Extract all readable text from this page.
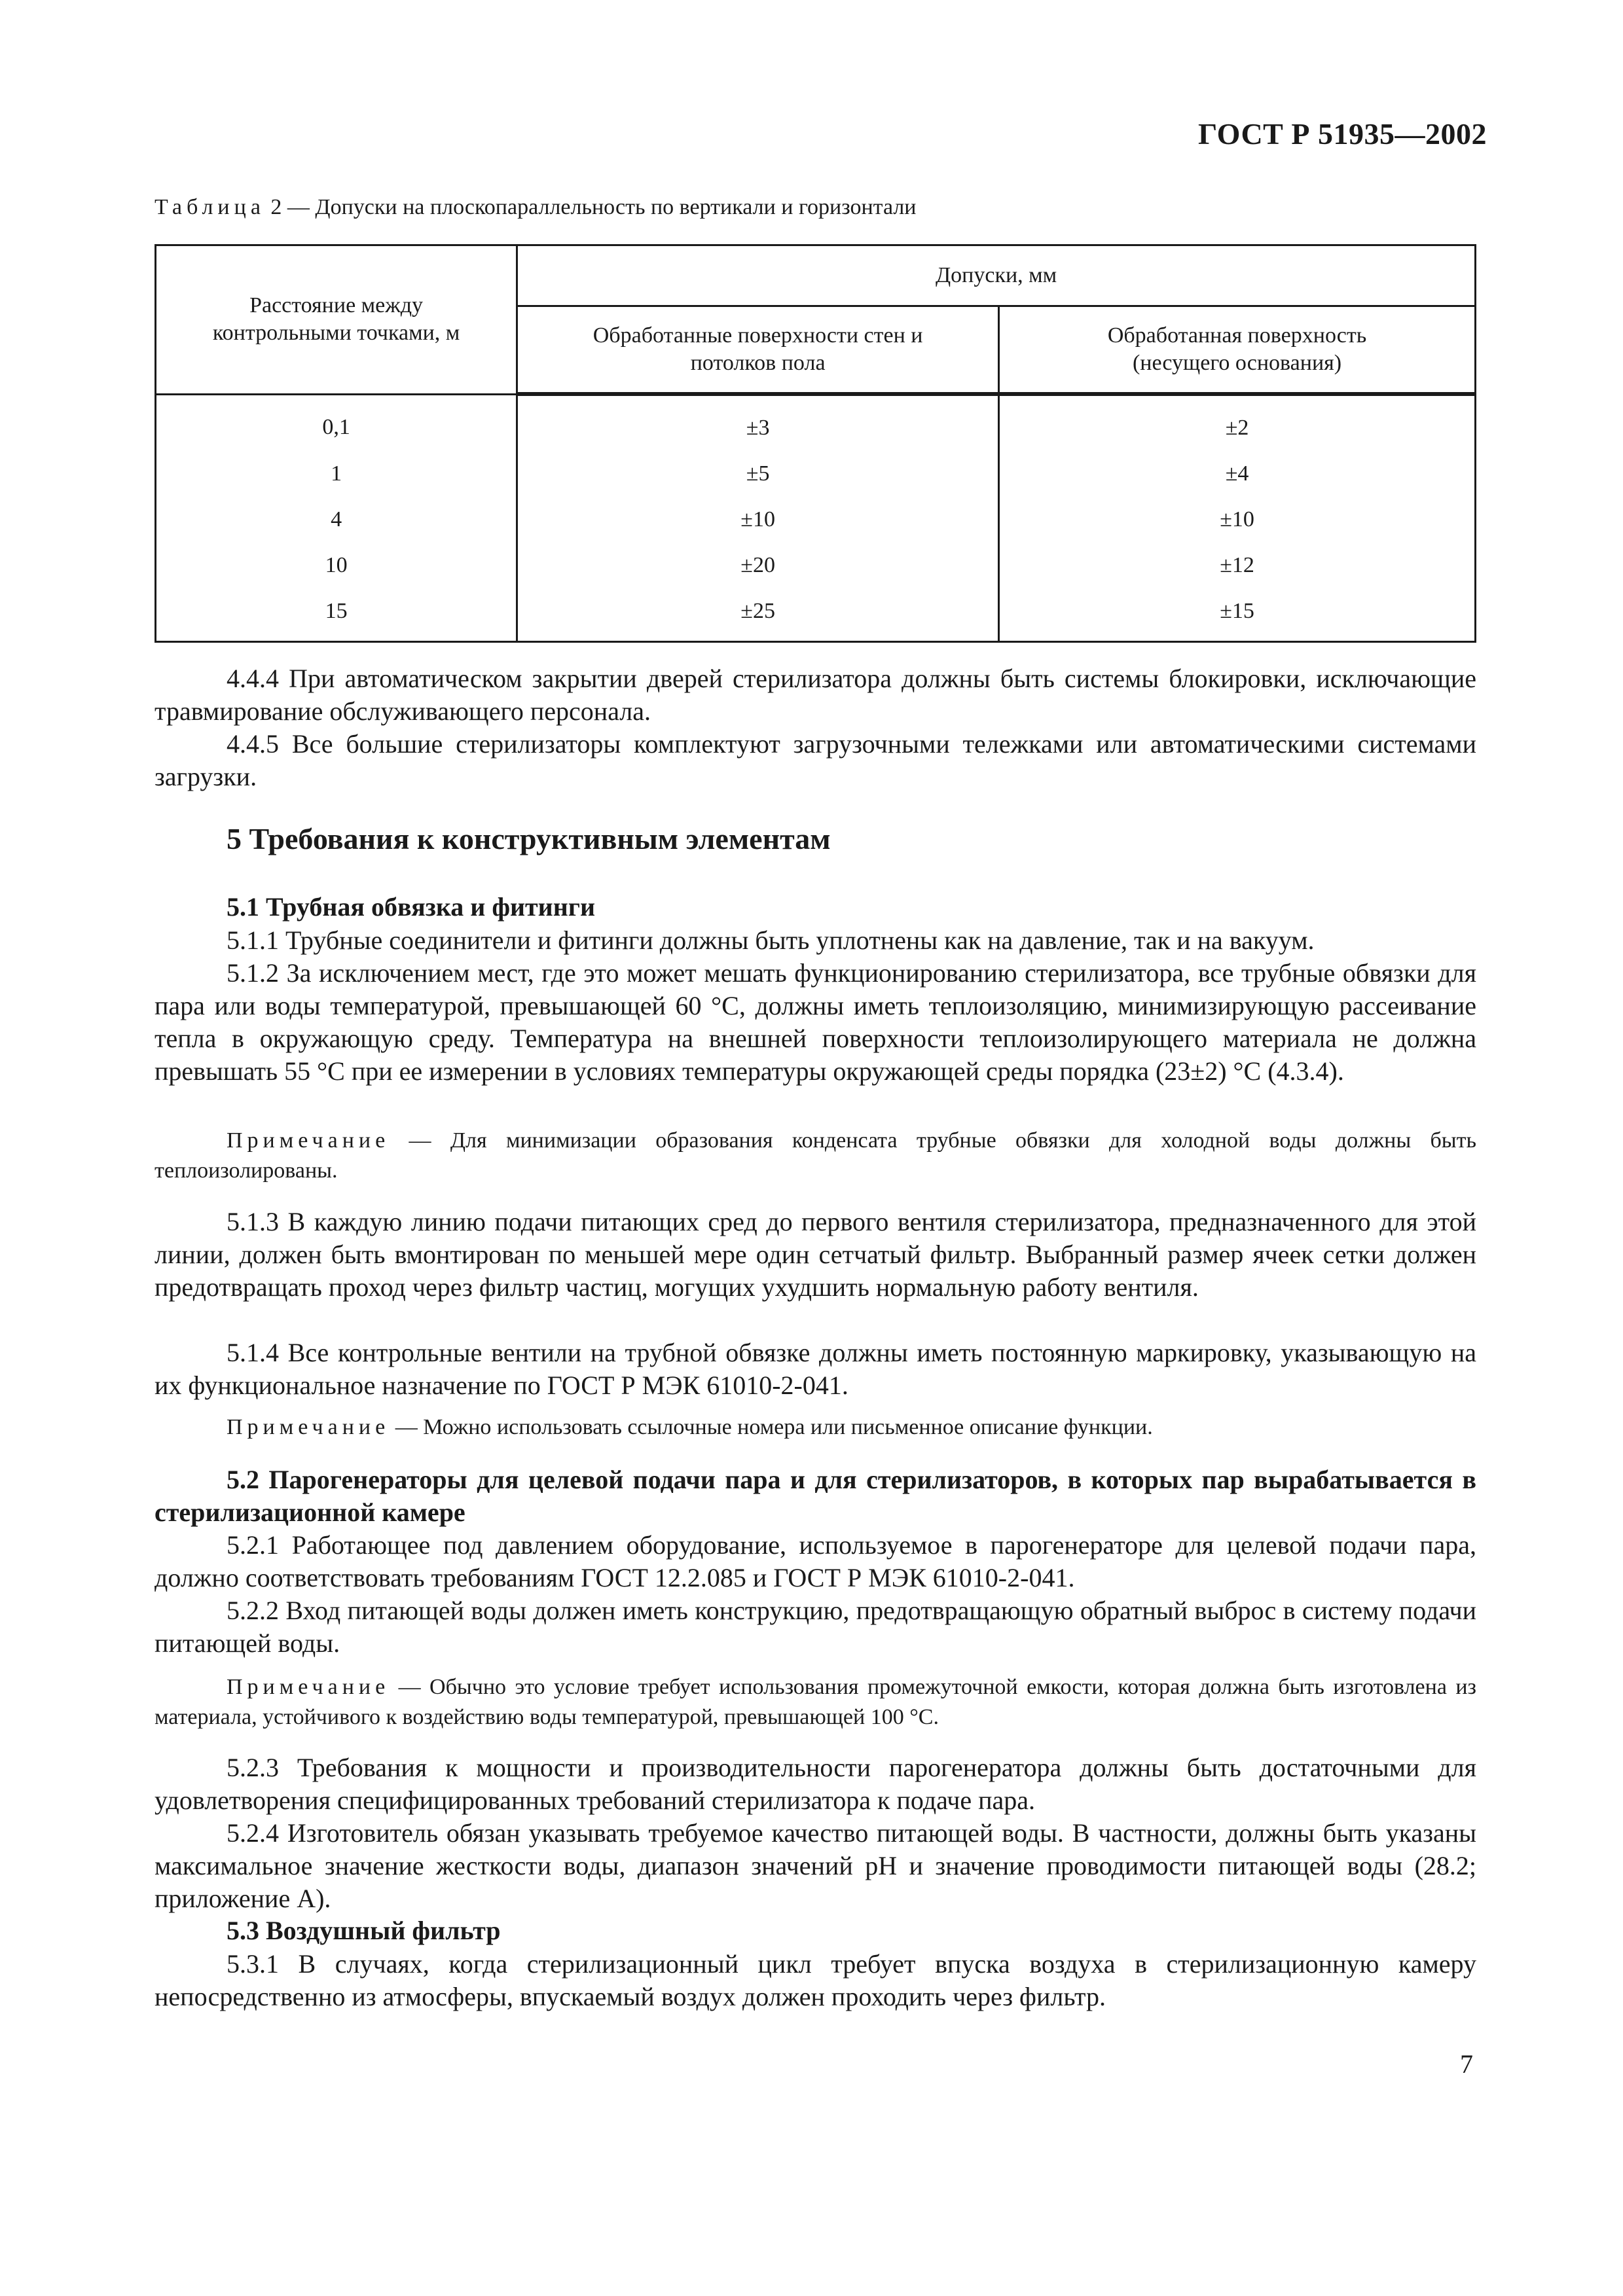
ГОСТ Р 51935—2002
Таблица 2 — Допуски на плоскопараллельность по вертикали и горизонтали
Расстояние между контрольными точками, м	Допуски, мм	
	Обработанные поверхности стен и потолков пола	Обработанная поверхность (несущего основания)
0,1	±3	±2
1	±5	±4
4	±10	±10
10	±20	±12
15	±25	±15
4.4.4 При автоматическом закрытии дверей стерилизатора должны быть системы блокировки, исключающие травмирование обслуживающего персонала.
4.4.5 Все большие стерилизаторы комплектуют загрузочными тележками или автоматическими системами загрузки.
5 Требования к конструктивным элементам
5.1 Трубная обвязка и фитинги
5.1.1 Трубные соединители и фитинги должны быть уплотнены как на давление, так и на вакуум.
5.1.2 За исключением мест, где это может мешать функционированию стерилизатора, все трубные обвязки для пара или воды температурой, превышающей 60 °С, должны иметь теплоизоляцию, минимизирующую рассеивание тепла в окружающую среду. Температура на внешней поверхности теплоизолирующего материала не должна превышать 55 °С при ее измерении в условиях температуры окружающей среды порядка (23±2) °С (4.3.4).
Примечание — Для минимизации образования конденсата трубные обвязки для холодной воды должны быть теплоизолированы.
5.1.3 В каждую линию подачи питающих сред до первого вентиля стерилизатора, предназначенного для этой линии, должен быть вмонтирован по меньшей мере один сетчатый фильтр. Выбранный размер ячеек сетки должен предотвращать проход через фильтр частиц, могущих ухудшить нормальную работу вентиля.
5.1.4 Все контрольные вентили на трубной обвязке должны иметь постоянную маркировку, указывающую на их функциональное назначение по ГОСТ Р МЭК 61010-2-041.
Примечание — Можно использовать ссылочные номера или письменное описание функции.
5.2 Парогенераторы для целевой подачи пара и для стерилизаторов, в которых пар вырабатывается в стерилизационной камере
5.2.1 Работающее под давлением оборудование, используемое в парогенераторе для целевой подачи пара, должно соответствовать требованиям ГОСТ 12.2.085 и ГОСТ Р МЭК 61010-2-041.
5.2.2 Вход питающей воды должен иметь конструкцию, предотвращающую обратный выброс в систему подачи питающей воды.
Примечание — Обычно это условие требует использования промежуточной емкости, которая должна быть изготовлена из материала, устойчивого к воздействию воды температурой, превышающей 100 °С.
5.2.3 Требования к мощности и производительности парогенератора должны быть достаточными для удовлетворения специфицированных требований стерилизатора к подаче пара.
5.2.4 Изготовитель обязан указывать требуемое качество питающей воды. В частности, должны быть указаны максимальное значение жесткости воды, диапазон значений рН и значение проводимости питающей воды (28.2; приложение А).
5.3 Воздушный фильтр
5.3.1 В случаях, когда стерилизационный цикл требует впуска воздуха в стерилизационную камеру непосредственно из атмосферы, впускаемый воздух должен проходить через фильтр.
7
